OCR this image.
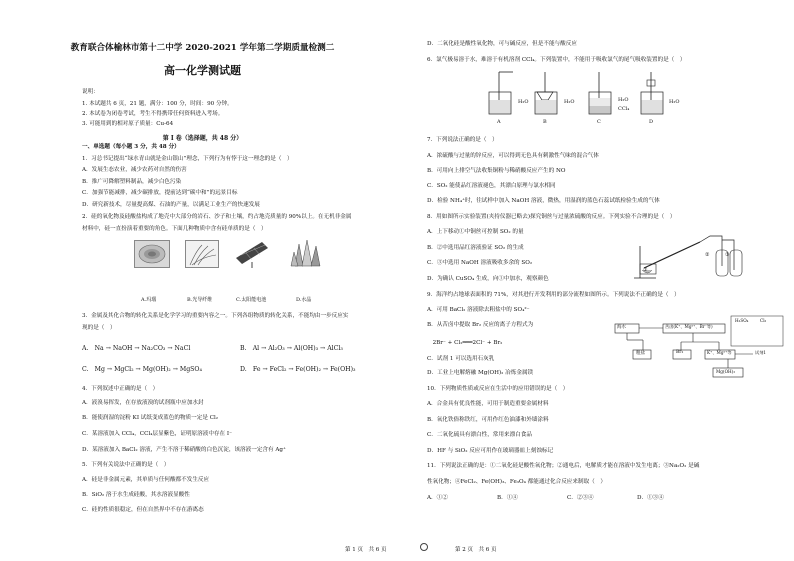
教育联合体榆林市第十二中学 2020-2021 学年第二学期质量检测二
高一化学测试题
说明：
1. 本试题共 6 页，21 题，满分：100 分，时间：90 分钟。
2. 本试卷为闭卷考试，考生不得携带任何资料进入考场。
3. 可能用到的相对原子质量：Cu-64
第 Ⅰ 卷（选择题，共 48 分）
一、单选题（每小题 3 分，共 48 分）
1．习总书记提出“绿水青山就是金山银山”理念，下列行为有悖于这一理念的是（　）
A．发展生态农业，减少农药对自然的伤害
B．推广可降解塑料制品，减少白色污染
C．加强节能减排，减少碳排放，提前达到“碳中和”的远景目标
D．研究新技术，尽量提高煤、石油的产量，以满足工业生产的快速发展
2．硅的氧化物及硅酸盐构成了地壳中大部分的岩石、沙子和土壤，约占地壳质量的 90%以上。在无机非金属
材料中，硅一直扮演着重要的角色。下面几种物质中含有硅单质的是（　）
A.玛瑙	B.光导纤维	C.太阳能电池	D.水晶
3．金属及其化合物的转化关系是化学学习的重要内容之一。下列各组物质的转化关系，不能均由一步反应实
现的是（　）
A.　Na → NaOH → Na₂CO₃ → NaCl	B.　Al → Al₂O₃ → Al(OH)₃ → AlCl₃
C.　Mg → MgCl₂ → Mg(OH)₂ → MgSO₄	D.　Fe → FeCl₂ → Fe(OH)₂ → Fe(OH)₃
4．下列叙述中正确的是（　）
A．液溴易挥发，在存放液溴的试剂瓶中应加水封
B．能使润湿的淀粉 KI 试纸变成蓝色的物质一定是 Cl₂
C．某溶液加入 CCl₄，CCl₄层显紫色，证明原溶液中存在 I⁻
D．某溶液加入 BaCl₂ 溶液，产生不溶于稀硝酸的白色沉淀，该溶液一定含有 Ag⁺
5．下列有关说法中正确的是（　）
A．硅是非金属元素，其单质与任何酸都不发生反应
B．SiO₂ 溶于水生成硅酸，其水溶液显酸性
C．硅的性质很稳定，但在自然界中不存在游离态
第 1 页　共 6 页
D．二氧化硅是酸性氧化物，可与碱反应，但是不能与酸反应
6．氯气极易溶于水，难溶于有机溶剂 CCl₄。下列装置中，不能用于吸收氯气的尾气吸收装置的是（　）
H₂O	H₂O	H₂O
CCl₄
H₂O
A	B	C	D
7．下列说法正确的是（　）
A．浓硫酸与过量的锌反应，可以得到无色具有刺激性气味的混合气体
B．可用向上排空气法收集铜粉与稀硝酸反应产生的 NO
C．SO₂ 能使品红溶液褪色，其漂白原理与氯水相同
D．检验 NH₄⁺时，往试样中加入 NaOH 溶液，微热，用湿润的蓝色石蕊试纸检验生成的气体
8．用如图所示实验装置(夹持仪器已略去)探究铜丝与过量浓硫酸的反应。下列实验不合理的是（　）
A．上下移动①中铜丝可控制 SO₂ 的量
B．②中选用品红溶液验证 SO₂ 的生成
C．③中选用 NaOH 溶液吸收多余的 SO₂
D．为确认 CuSO₄ 生成，向①中加水，观察颜色
①
②	③
9．海洋约占地球表面积的 71%，对其进行开发利用的部分流程如图所示。下列说法不正确的是（　）
A．可用 BaCl₂ 溶液除去粗盐中的 SO₄²⁻
B．从苦卤中提取 Br₂ 反应的离子方程式为
　2Br⁻ + Cl₂═══2Cl⁻ + Br₂
C．试剂 1 可以选用石灰乳
D．工业上电解熔融 Mg(OH)₂ 冶炼金属镁
海水	苦卤(K⁺、Mg²⁺、Br⁻等)
H₂SO₄	Cl₂
粗盐	Br₂	K⁺、Mg²⁺等	试剂1
Mg(OH)₂
10．下列物质性质或反应在生活中的应用错误的是（　）
A．合金具有优良性能，可用于制造重要金属材料
B．氧化铁俗称铁红，可用作红色油漆和外墙涂料
C．二氧化硫具有漂白性，常用来漂白食品
D．HF 与 SiO₂ 反应可用作在玻璃器皿上刻蚀标记
11．下列说法正确的是：①二氧化硅是酸性氧化物；②通电后，电解质才能在溶液中发生电离；③Na₂O₂ 是碱
性氧化物；④FeCl₂、Fe(OH)₃、Fe₃O₄ 都能通过化合反应来制取（　）
A．①②	B．①④	C．②③④	D．①③④
第 2 页　共 6 页
